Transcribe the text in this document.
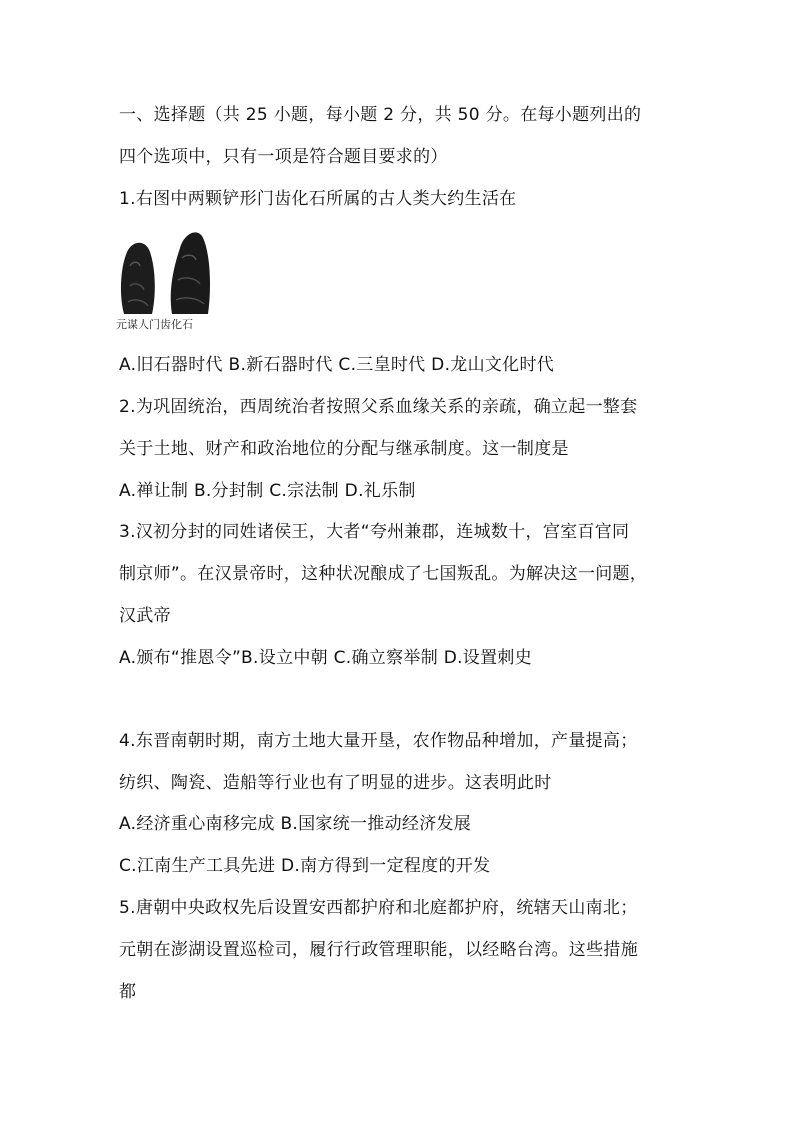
一、选择题（共 25 小题，每小题 2 分，共 50 分。在每小题列出的
四个选项中，只有一项是符合题目要求的）
1.右图中两颗铲形门齿化石所属的古人类大约生活在
元谋人门齿化石
A.旧石器时代 B.新石器时代 C.三皇时代 D.龙山文化时代
2.为巩固统治，西周统治者按照父系血缘关系的亲疏，确立起一整套
关于土地、财产和政治地位的分配与继承制度。这一制度是
A.禅让制 B.分封制 C.宗法制 D.礼乐制
3.汉初分封的同姓诸侯王，大者“夸州兼郡，连城数十，宫室百官同
制京师”。在汉景帝时，这种状况酿成了七国叛乱。为解决这一问题，
汉武帝
A.颁布“推恩令”B.设立中朝 C.确立察举制 D.设置刺史
4.东晋南朝时期，南方土地大量开垦，农作物品种增加，产量提高；
纺织、陶瓷、造船等行业也有了明显的进步。这表明此时
A.经济重心南移完成 B.国家统一推动经济发展
C.江南生产工具先进 D.南方得到一定程度的开发
5.唐朝中央政权先后设置安西都护府和北庭都护府，统辖天山南北；
元朝在澎湖设置巡检司，履行行政管理职能，以经略台湾。这些措施
都
